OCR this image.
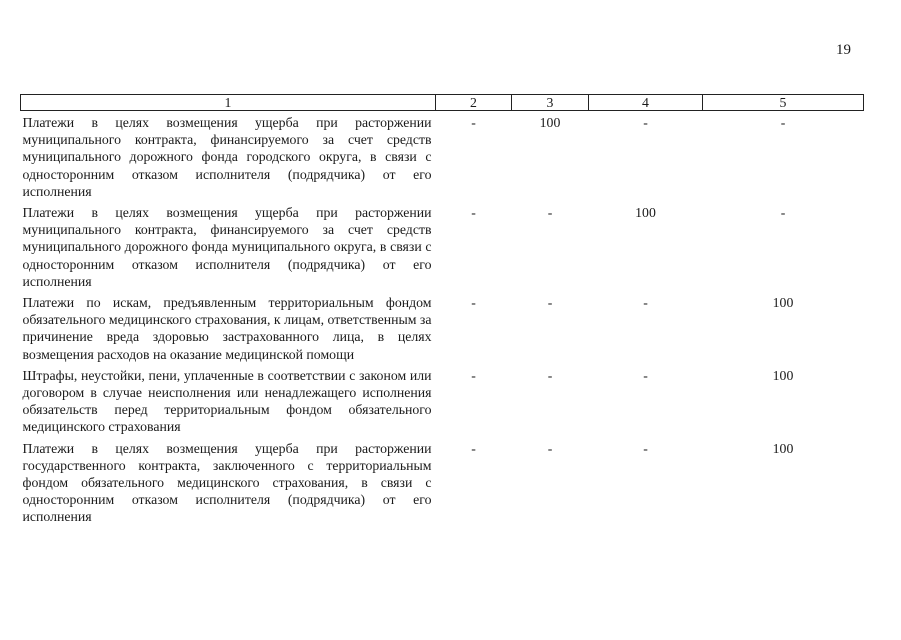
19
1	2	3	4	5
Платежи в целях возмещения ущерба при расторжении муниципального контракта, финансируемого за счет средств муниципального дорожного фонда городского округа, в связи с односторонним отказом исполнителя (подрядчика) от его исполнения	-	100	-	-
Платежи в целях возмещения ущерба при расторжении муниципального контракта, финансируемого за счет средств муниципального дорожного фонда муниципального округа, в связи с односторонним отказом исполнителя (подрядчика) от его исполнения	-	-	100	-
Платежи по искам, предъявленным территориальным фондом обязательного медицинского страхования, к лицам, ответственным за причинение вреда здоровью застрахованного лица, в целях возмещения расходов на оказание медицинской помощи	-	-	-	100
Штрафы, неустойки, пени, уплаченные в соответствии с законом или договором в случае неисполнения или ненадлежащего исполнения обязательств перед территориальным фондом обязательного медицинского страхования	-	-	-	100
Платежи в целях возмещения ущерба при расторжении государственного контракта, заключенного с территориальным фондом обязательного медицинского страхования, в связи с односторонним отказом исполнителя (подрядчика) от его исполнения	-	-	-	100
